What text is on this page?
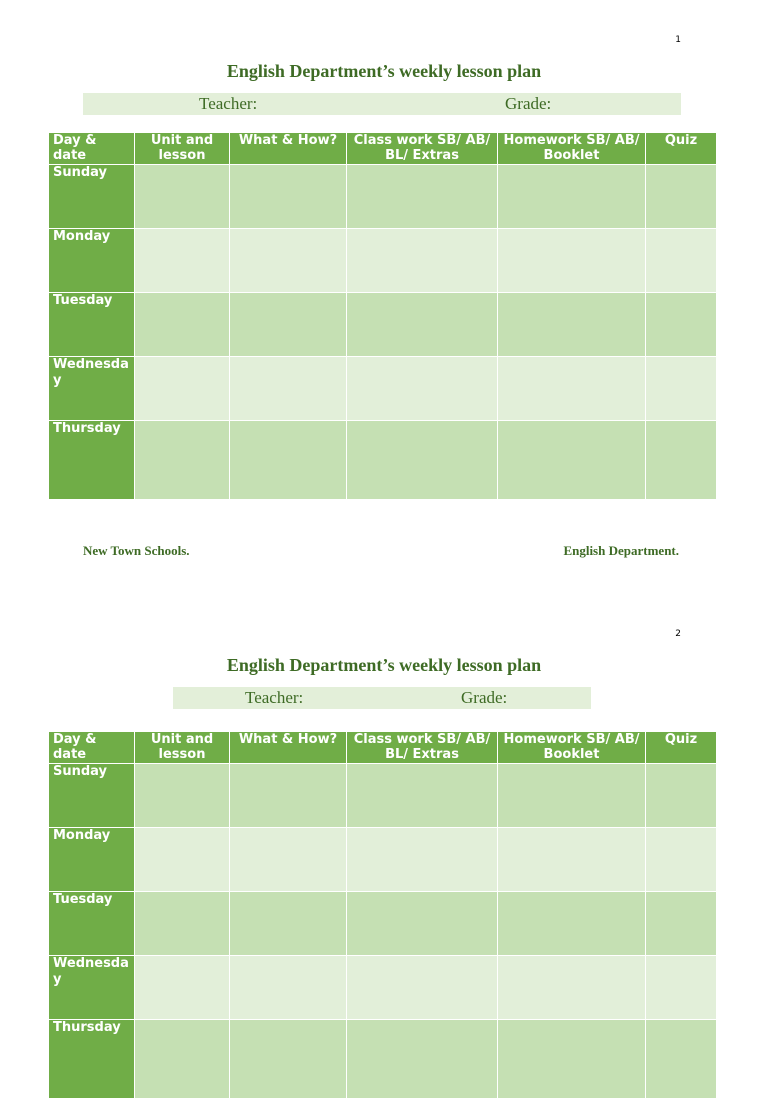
1
English Department’s weekly lesson plan
Teacher:	Grade:
Day & date	Unit and lesson	What & How?	Class work SB/ AB/ BL/ Extras	Homework SB/ AB/ Booklet	Quiz
Sunday					
Monday					
Tuesday					
Wednesday					
Thursday					
New Town Schools.	English Department.
2
English Department’s weekly lesson plan
Teacher:	Grade:
Day & date	Unit and lesson	What & How?	Class work SB/ AB/ BL/ Extras	Homework SB/ AB/ Booklet	Quiz
Sunday					
Monday					
Tuesday					
Wednesday					
Thursday					
